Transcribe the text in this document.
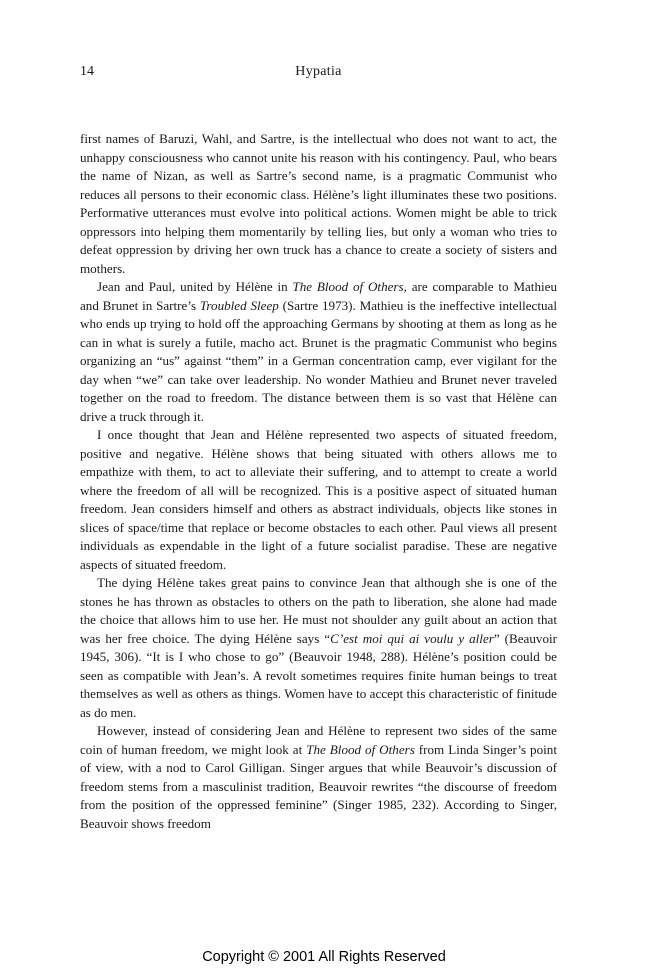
14	Hypatia

first names of Baruzi, Wahl, and Sartre, is the intellectual who does not want to act, the unhappy consciousness who cannot unite his reason with his contingency. Paul, who bears the name of Nizan, as well as Sartre’s second name, is a pragmatic Communist who reduces all persons to their economic class. Hélène’s light illuminates these two positions. Performative utterances must evolve into political actions. Women might be able to trick oppressors into helping them momentarily by telling lies, but only a woman who tries to defeat oppression by driving her own truck has a chance to create a society of sisters and mothers.

Jean and Paul, united by Hélène in The Blood of Others, are comparable to Mathieu and Brunet in Sartre’s Troubled Sleep (Sartre 1973). Mathieu is the ineffective intellectual who ends up trying to hold off the approaching Germans by shooting at them as long as he can in what is surely a futile, macho act. Brunet is the pragmatic Communist who begins organizing an “us” against “them” in a German concentration camp, ever vigilant for the day when “we” can take over leadership. No wonder Mathieu and Brunet never traveled together on the road to freedom. The distance between them is so vast that Hélène can drive a truck through it.

I once thought that Jean and Hélène represented two aspects of situated freedom, positive and negative. Hélène shows that being situated with others allows me to empathize with them, to act to alleviate their suffering, and to attempt to create a world where the freedom of all will be recognized. This is a positive aspect of situated human freedom. Jean considers himself and others as abstract individuals, objects like stones in slices of space/time that replace or become obstacles to each other. Paul views all present individuals as expendable in the light of a future socialist paradise. These are negative aspects of situated freedom.

The dying Hélène takes great pains to convince Jean that although she is one of the stones he has thrown as obstacles to others on the path to liberation, she alone had made the choice that allows him to use her. He must not shoulder any guilt about an action that was her free choice. The dying Hélène says “C’est moi qui ai voulu y aller” (Beauvoir 1945, 306). “It is I who chose to go” (Beauvoir 1948, 288). Hélène’s position could be seen as compatible with Jean’s. A revolt sometimes requires finite human beings to treat themselves as well as others as things. Women have to accept this characteristic of finitude as do men.

However, instead of considering Jean and Hélène to represent two sides of the same coin of human freedom, we might look at The Blood of Others from Linda Singer’s point of view, with a nod to Carol Gilligan. Singer argues that while Beauvoir’s discussion of freedom stems from a masculinist tradition, Beauvoir rewrites “the discourse of freedom from the position of the oppressed feminine” (Singer 1985, 232). According to Singer, Beauvoir shows freedom

Copyright © 2001 All Rights Reserved
